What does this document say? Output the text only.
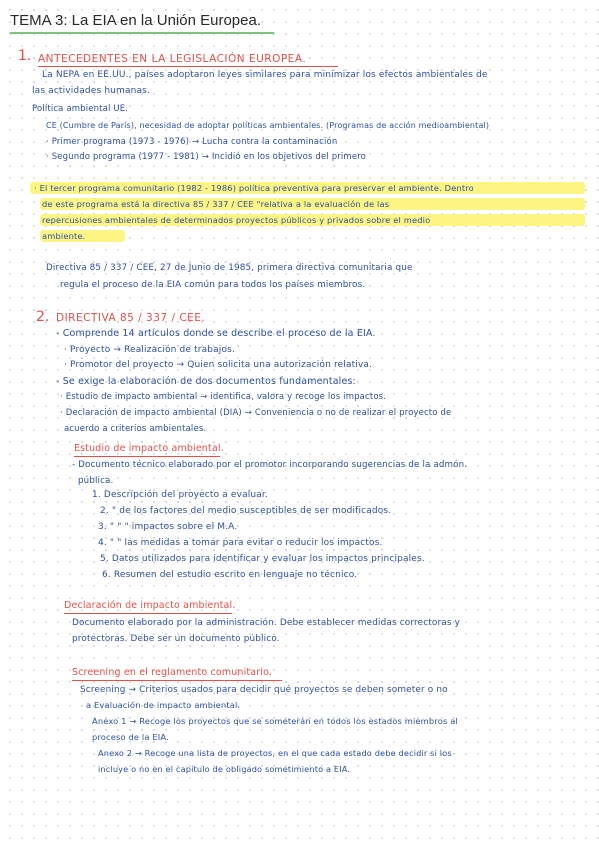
TEMA 3: La EIA en la Unión Europea.
1. ANTECEDENTES EN LA LEGISLACIÓN EUROPEA.
La NEPA en EE.UU., países adoptaron leyes similares para minimizar los efectos ambientales de
las actividades humanas.
Política ambiental UE.
CE (Cumbre de París), necesidad de adoptar políticas ambientales. (Programas de acción medioambiental)
· Primer programa (1973 - 1976) → Lucha contra la contaminación
· Segundo programa (1977 - 1981) → Incidió en los objetivos del primero
· El tercer programa comunitario (1982 - 1986) política preventiva para preservar el ambiente. Dentro
de este programa está la directiva 85 / 337 / CEE "relativa a la evaluación de las
repercusiones ambientales de determinados proyectos públicos y privados sobre el medio
ambiente.
Directiva 85 / 337 / CEE, 27 de Junio de 1985, primera directiva comunitaria que
regula el proceso de la EIA común para todos los países miembros.
2. DIRECTIVA 85 / 337 / CEE.
- Comprende 14 artículos donde se describe el proceso de la EIA.
· Proyecto → Realización de trabajos.
· Promotor del proyecto → Quien solicita una autorización relativa.
- Se exige la elaboración de dos documentos fundamentales:
· Estudio de impacto ambiental → identifica, valora y recoge los impactos.
· Declaración de impacto ambiental (DIA) → Conveniencia o no de realizar el proyecto de
acuerdo a criterios ambientales.
Estudio de impacto ambiental.
- Documento técnico elaborado por el promotor incorporando sugerencias de la admón.
pública.
1. Descripción del proyecto a evaluar.
2. " de los factores del medio susceptibles de ser modificados.
3. " " " impactos sobre el M.A.
4. " " las medidas a tomar para evitar o reducir los impactos.
5. Datos utilizados para identificar y evaluar los impactos principales.
6. Resumen del estudio escrito en lenguaje no técnico.
Declaración de impacto ambiental.
Documento elaborado por la administración. Debe establecer medidas correctoras y
protectoras. Debe ser un documento público.
Screening en el reglamento comunitario.
Screening → Criterios usados para decidir qué proyectos se deben someter o no
a Evaluación de impacto ambiental.
Anexo 1 → Recoge los proyectos que se someterán en todos los estados miembros al
proceso de la EIA.
Anexo 2 → Recoge una lista de proyectos, en el que cada estado debe decidir si los
incluye o no en el capítulo de obligado sometimiento a EIA.
